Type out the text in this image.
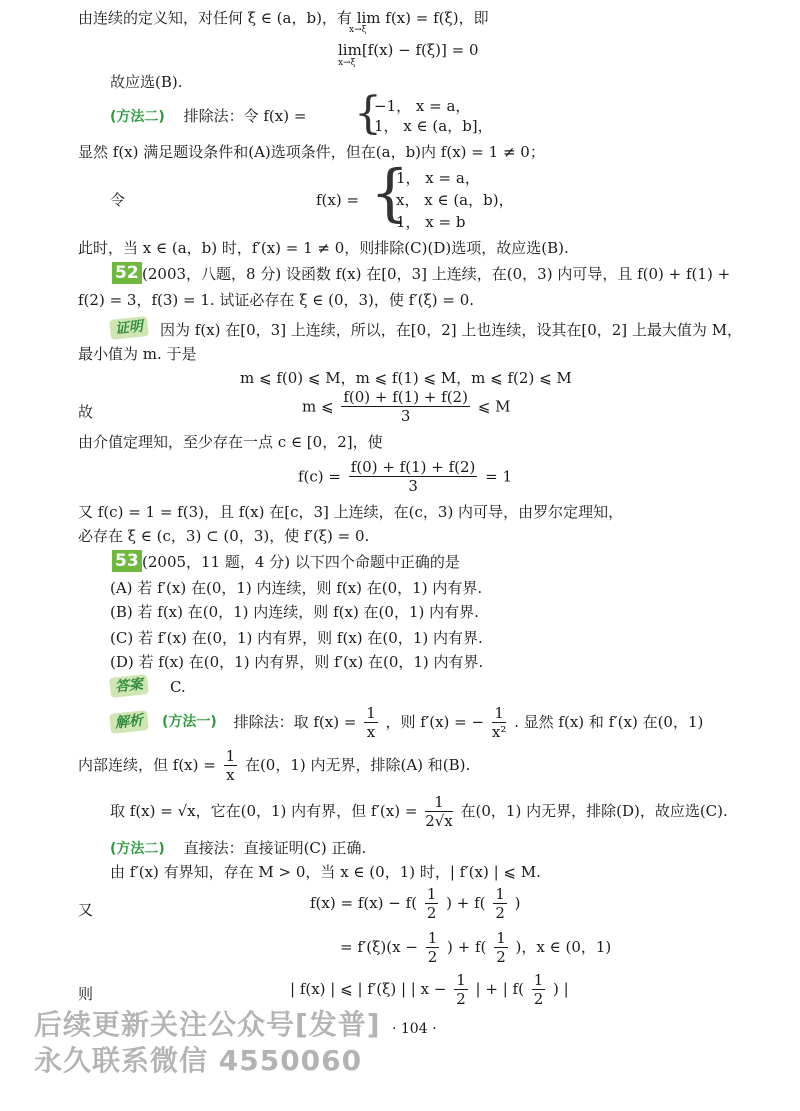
由连续的定义知，对任何 ξ ∈ (a，b)，有 lim f(x) = f(ξ)，即
x→ξ
lim[f(x) − f(ξ)] = 0
x→ξ
故应选(B).
(方法二) 排除法：令 f(x) = {
−1， x = a，
1， x ∈ (a，b]，
显然 f(x) 满足题设条件和(A)选项条件，但在(a，b)内 f(x) = 1 ≠ 0；
令	f(x) = {
1， x = a，
x， x ∈ (a，b)，
1， x = b
此时，当 x ∈ (a，b) 时，f′(x) = 1 ≠ 0，则排除(C)(D)选项，故应选(B).
52 (2003，八题，8 分) 设函数 f(x) 在[0，3] 上连续，在(0，3) 内可导，且 f(0) + f(1) +
f(2) = 3，f(3) = 1. 试证必存在 ξ ∈ (0，3)，使 f′(ξ) = 0.
证明	因为 f(x) 在[0，3] 上连续，所以，在[0，2] 上也连续，设其在[0，2] 上最大值为 M，
最小值为 m. 于是
m ⩽ f(0) ⩽ M，m ⩽ f(1) ⩽ M，m ⩽ f(2) ⩽ M
故	m ⩽ $\frac{f(0) + f(1) + f(2)}{3}$ ⩽ M
由介值定理知，至少存在一点 c ∈ [0，2]，使
$f(c) = \frac{f(0) + f(1) + f(2)}{3} = 1$
又 f(c) = 1 = f(3)，且 f(x) 在[c，3] 上连续，在(c，3) 内可导，由罗尔定理知，
必存在 ξ ∈ (c，3) ⊂ (0，3)，使 f′(ξ) = 0.
53 (2005，11 题，4 分) 以下四个命题中正确的是
(A) 若 f′(x) 在(0，1) 内连续，则 f(x) 在(0，1) 内有界.
(B) 若 f(x) 在(0，1) 内连续，则 f(x) 在(0，1) 内有界.
(C) 若 f′(x) 在(0，1) 内有界，则 f(x) 在(0，1) 内有界.
(D) 若 f(x) 在(0，1) 内有界，则 f′(x) 在(0，1) 内有界.
答案	C.
解析	(方法一) 排除法：取 $f(x) = \frac{1}{x}$ ，则 f′(x) = − $\frac{1}{\text{x²}}$ . 显然 f(x) 和 f′(x) 在(0，1)
内部连续，但 $f(x) = \frac{1}{x}$ 在(0，1) 内无界，排除(A) 和(B).
取 f(x) = √x，它在(0，1) 内有界，但 $f'(x) = \frac{1}{2√x}$ 在(0，1) 内无界，排除(D)，故应选(C).
(方法二) 直接法：直接证明(C) 正确.
由 f′(x) 有界知，存在 M > 0，当 x ∈ (0，1) 时，| f′(x) | ⩽ M.
又	$f(x) = f(x) - f( \frac{1}{2}$ ) + $f( \frac{1}{2}$ )
= $f'(\xi)(x - \frac{1}{2}$ ) + $f( \frac{1}{2}$ )，x ∈ (0，1)
则	| f(x) | ⩽ | f′(ξ) | | $x - \frac{1}{2}$ | + | $f( \frac{1}{2}$ ) |
· 104 ·
后续更新关注公众号[发普]
永久联系微信 4550060
